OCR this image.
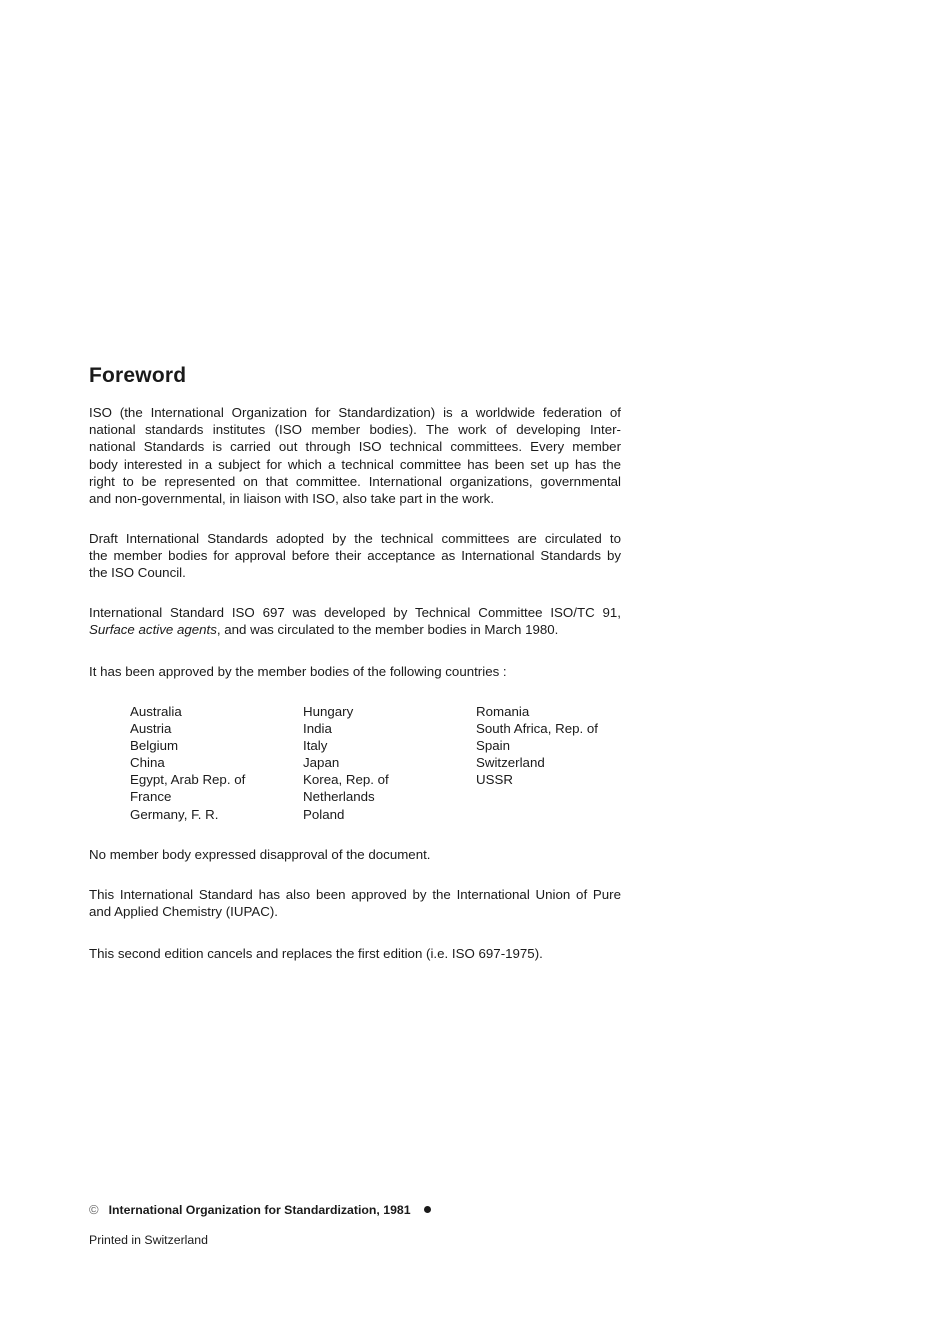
Foreword

ISO (the International Organization for Standardization) is a worldwide federation of
national standards institutes (ISO member bodies). The work of developing Inter-
national Standards is carried out through ISO technical committees. Every member
body interested in a subject for which a technical committee has been set up has the
right to be represented on that committee. International organizations, governmental
and non-governmental, in liaison with ISO, also take part in the work.

Draft International Standards adopted by the technical committees are circulated to
the member bodies for approval before their acceptance as International Standards by
the ISO Council.

International Standard ISO 697 was developed by Technical Committee ISO/TC 91,
Surface active agents, and was circulated to the member bodies in March 1980.

It has been approved by the member bodies of the following countries :

Australia
Austria
Belgium
China
Egypt, Arab Rep. of
France
Germany, F. R.
Hungary
India
Italy
Japan
Korea, Rep. of
Netherlands
Poland
Romania
South Africa, Rep. of
Spain
Switzerland
USSR

No member body expressed disapproval of the document.

This International Standard has also been approved by the International Union of Pure
and Applied Chemistry (IUPAC).

This second edition cancels and replaces the first edition (i.e. ISO 697-1975).

© International Organization for Standardization, 1981
Printed in Switzerland
